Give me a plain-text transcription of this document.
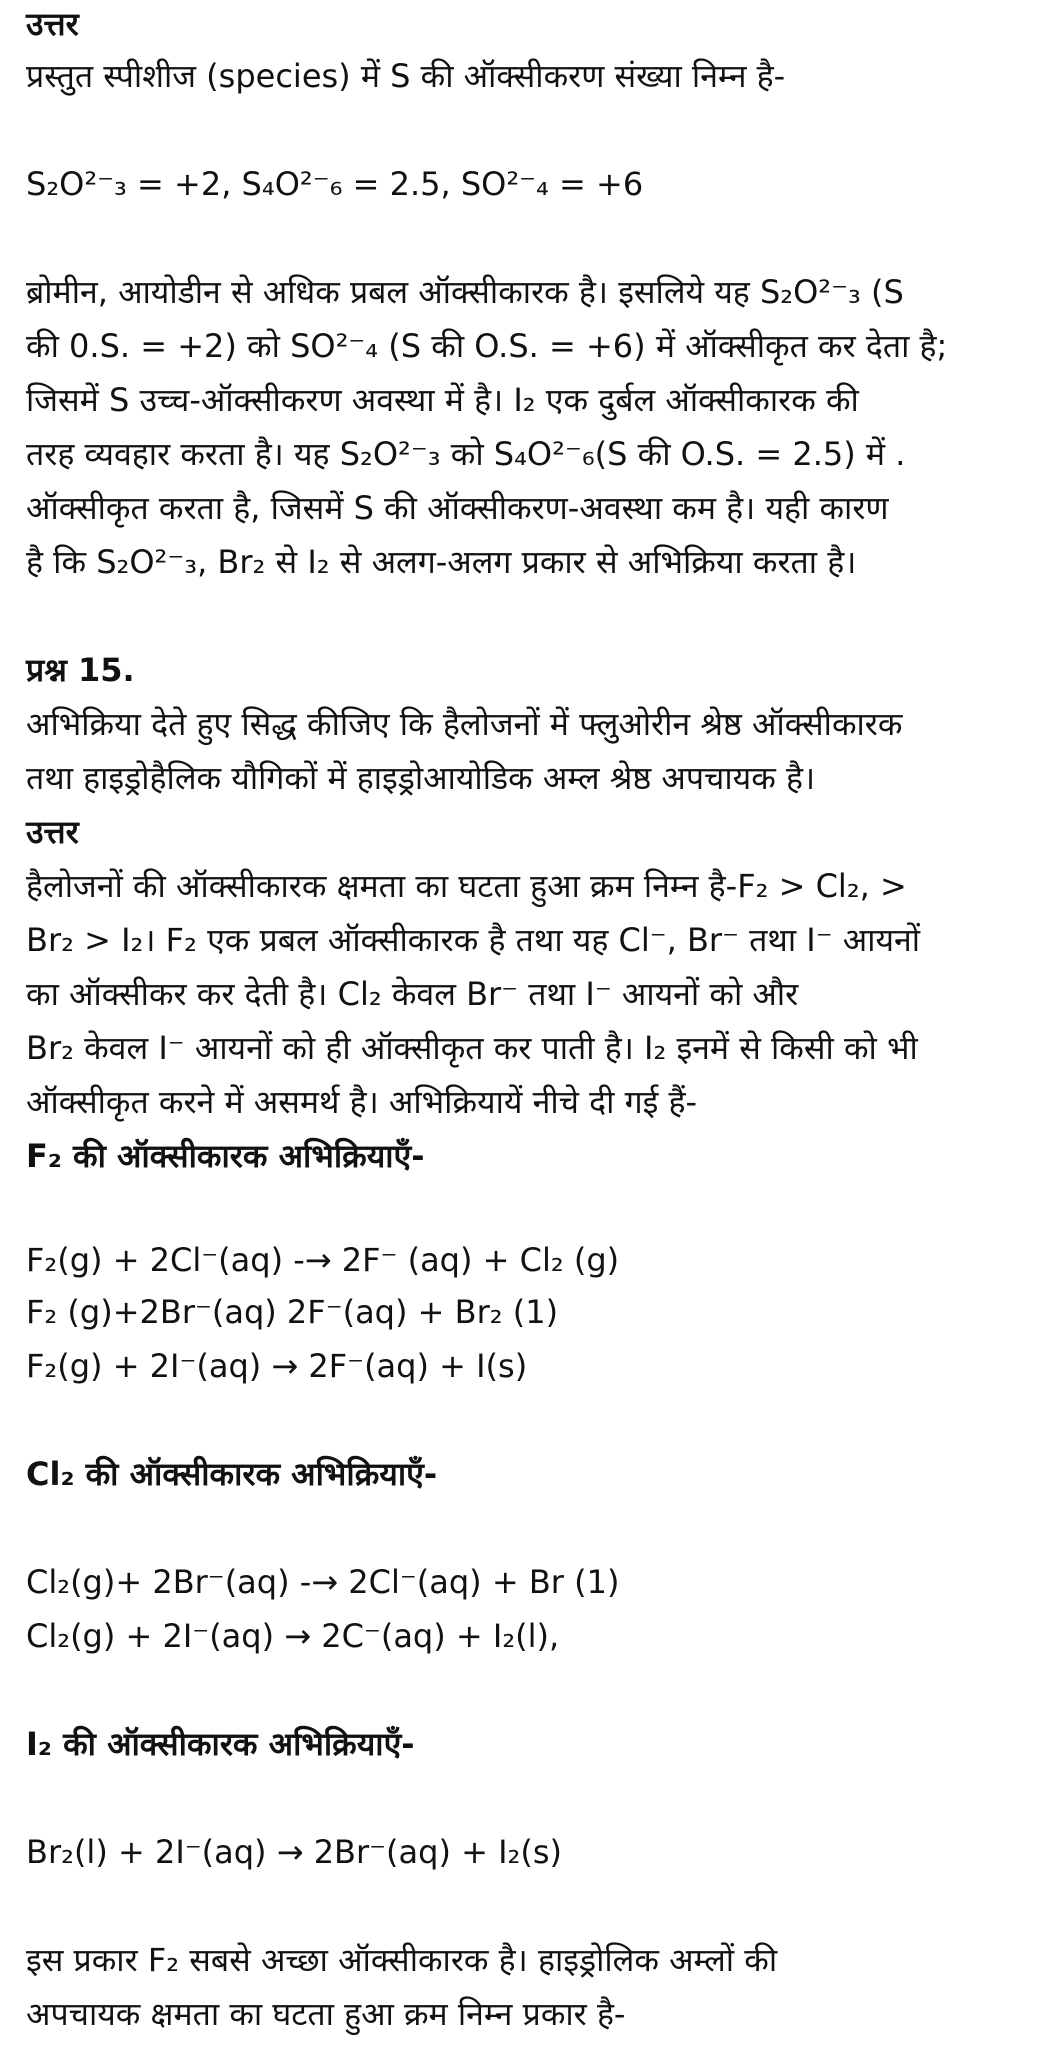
उत्तर
प्रस्तुत स्पीशीज (species) में S की ऑक्सीकरण संख्या निम्न है-
S₂O²⁻₃ = +2, S₄O²⁻₆ = 2.5, SO²⁻₄ = +6
ब्रोमीन, आयोडीन से अधिक प्रबल ऑक्सीकारक है। इसलिये यह S₂O²⁻₃ (S
की 0.S. = +2) को SO²⁻₄ (S की O.S. = +6) में ऑक्सीकृत कर देता है;
जिसमें S उच्च-ऑक्सीकरण अवस्था में है। I₂ एक दुर्बल ऑक्सीकारक की
तरह व्यवहार करता है। यह S₂O²⁻₃ को S₄O²⁻₆(S की O.S. = 2.5) में .
ऑक्सीकृत करता है, जिसमें S की ऑक्सीकरण-अवस्था कम है। यही कारण
है कि S₂O²⁻₃, Br₂ से I₂ से अलग-अलग प्रकार से अभिक्रिया करता है।
प्रश्न 15.
अभिक्रिया देते हुए सिद्ध कीजिए कि हैलोजनों में फ्लुओरीन श्रेष्ठ ऑक्सीकारक
तथा हाइड्रोहैलिक यौगिकों में हाइड्रोआयोडिक अम्ल श्रेष्ठ अपचायक है।
उत्तर
हैलोजनों की ऑक्सीकारक क्षमता का घटता हुआ क्रम निम्न है-F₂ > Cl₂, >
Br₂ > I₂। F₂ एक प्रबल ऑक्सीकारक है तथा यह Cl⁻, Br⁻ तथा I⁻ आयनों
का ऑक्सीकर कर देती है। Cl₂ केवल Br⁻ तथा I⁻ आयनों को और
Br₂ केवल I⁻ आयनों को ही ऑक्सीकृत कर पाती है। I₂ इनमें से किसी को भी
ऑक्सीकृत करने में असमर्थ है। अभिक्रियायें नीचे दी गई हैं-
F₂ की ऑक्सीकारक अभिक्रियाएँ-
F₂(g) + 2Cl⁻(aq) -→ 2F⁻ (aq) + Cl₂ (g)
F₂ (g)+2Br⁻(aq) 2F⁻(aq) + Br₂ (1)
F₂(g) + 2I⁻(aq) → 2F⁻(aq) + I(s)
Cl₂ की ऑक्सीकारक अभिक्रियाएँ-
Cl₂(g)+ 2Br⁻(aq) -→ 2Cl⁻(aq) + Br (1)
Cl₂(g) + 2I⁻(aq) → 2C⁻(aq) + I₂(l),
I₂ की ऑक्सीकारक अभिक्रियाएँ-
Br₂(l) + 2I⁻(aq) → 2Br⁻(aq) + I₂(s)
इस प्रकार F₂ सबसे अच्छा ऑक्सीकारक है। हाइड्रोलिक अम्लों की
अपचायक क्षमता का घटता हुआ क्रम निम्न प्रकार है-
